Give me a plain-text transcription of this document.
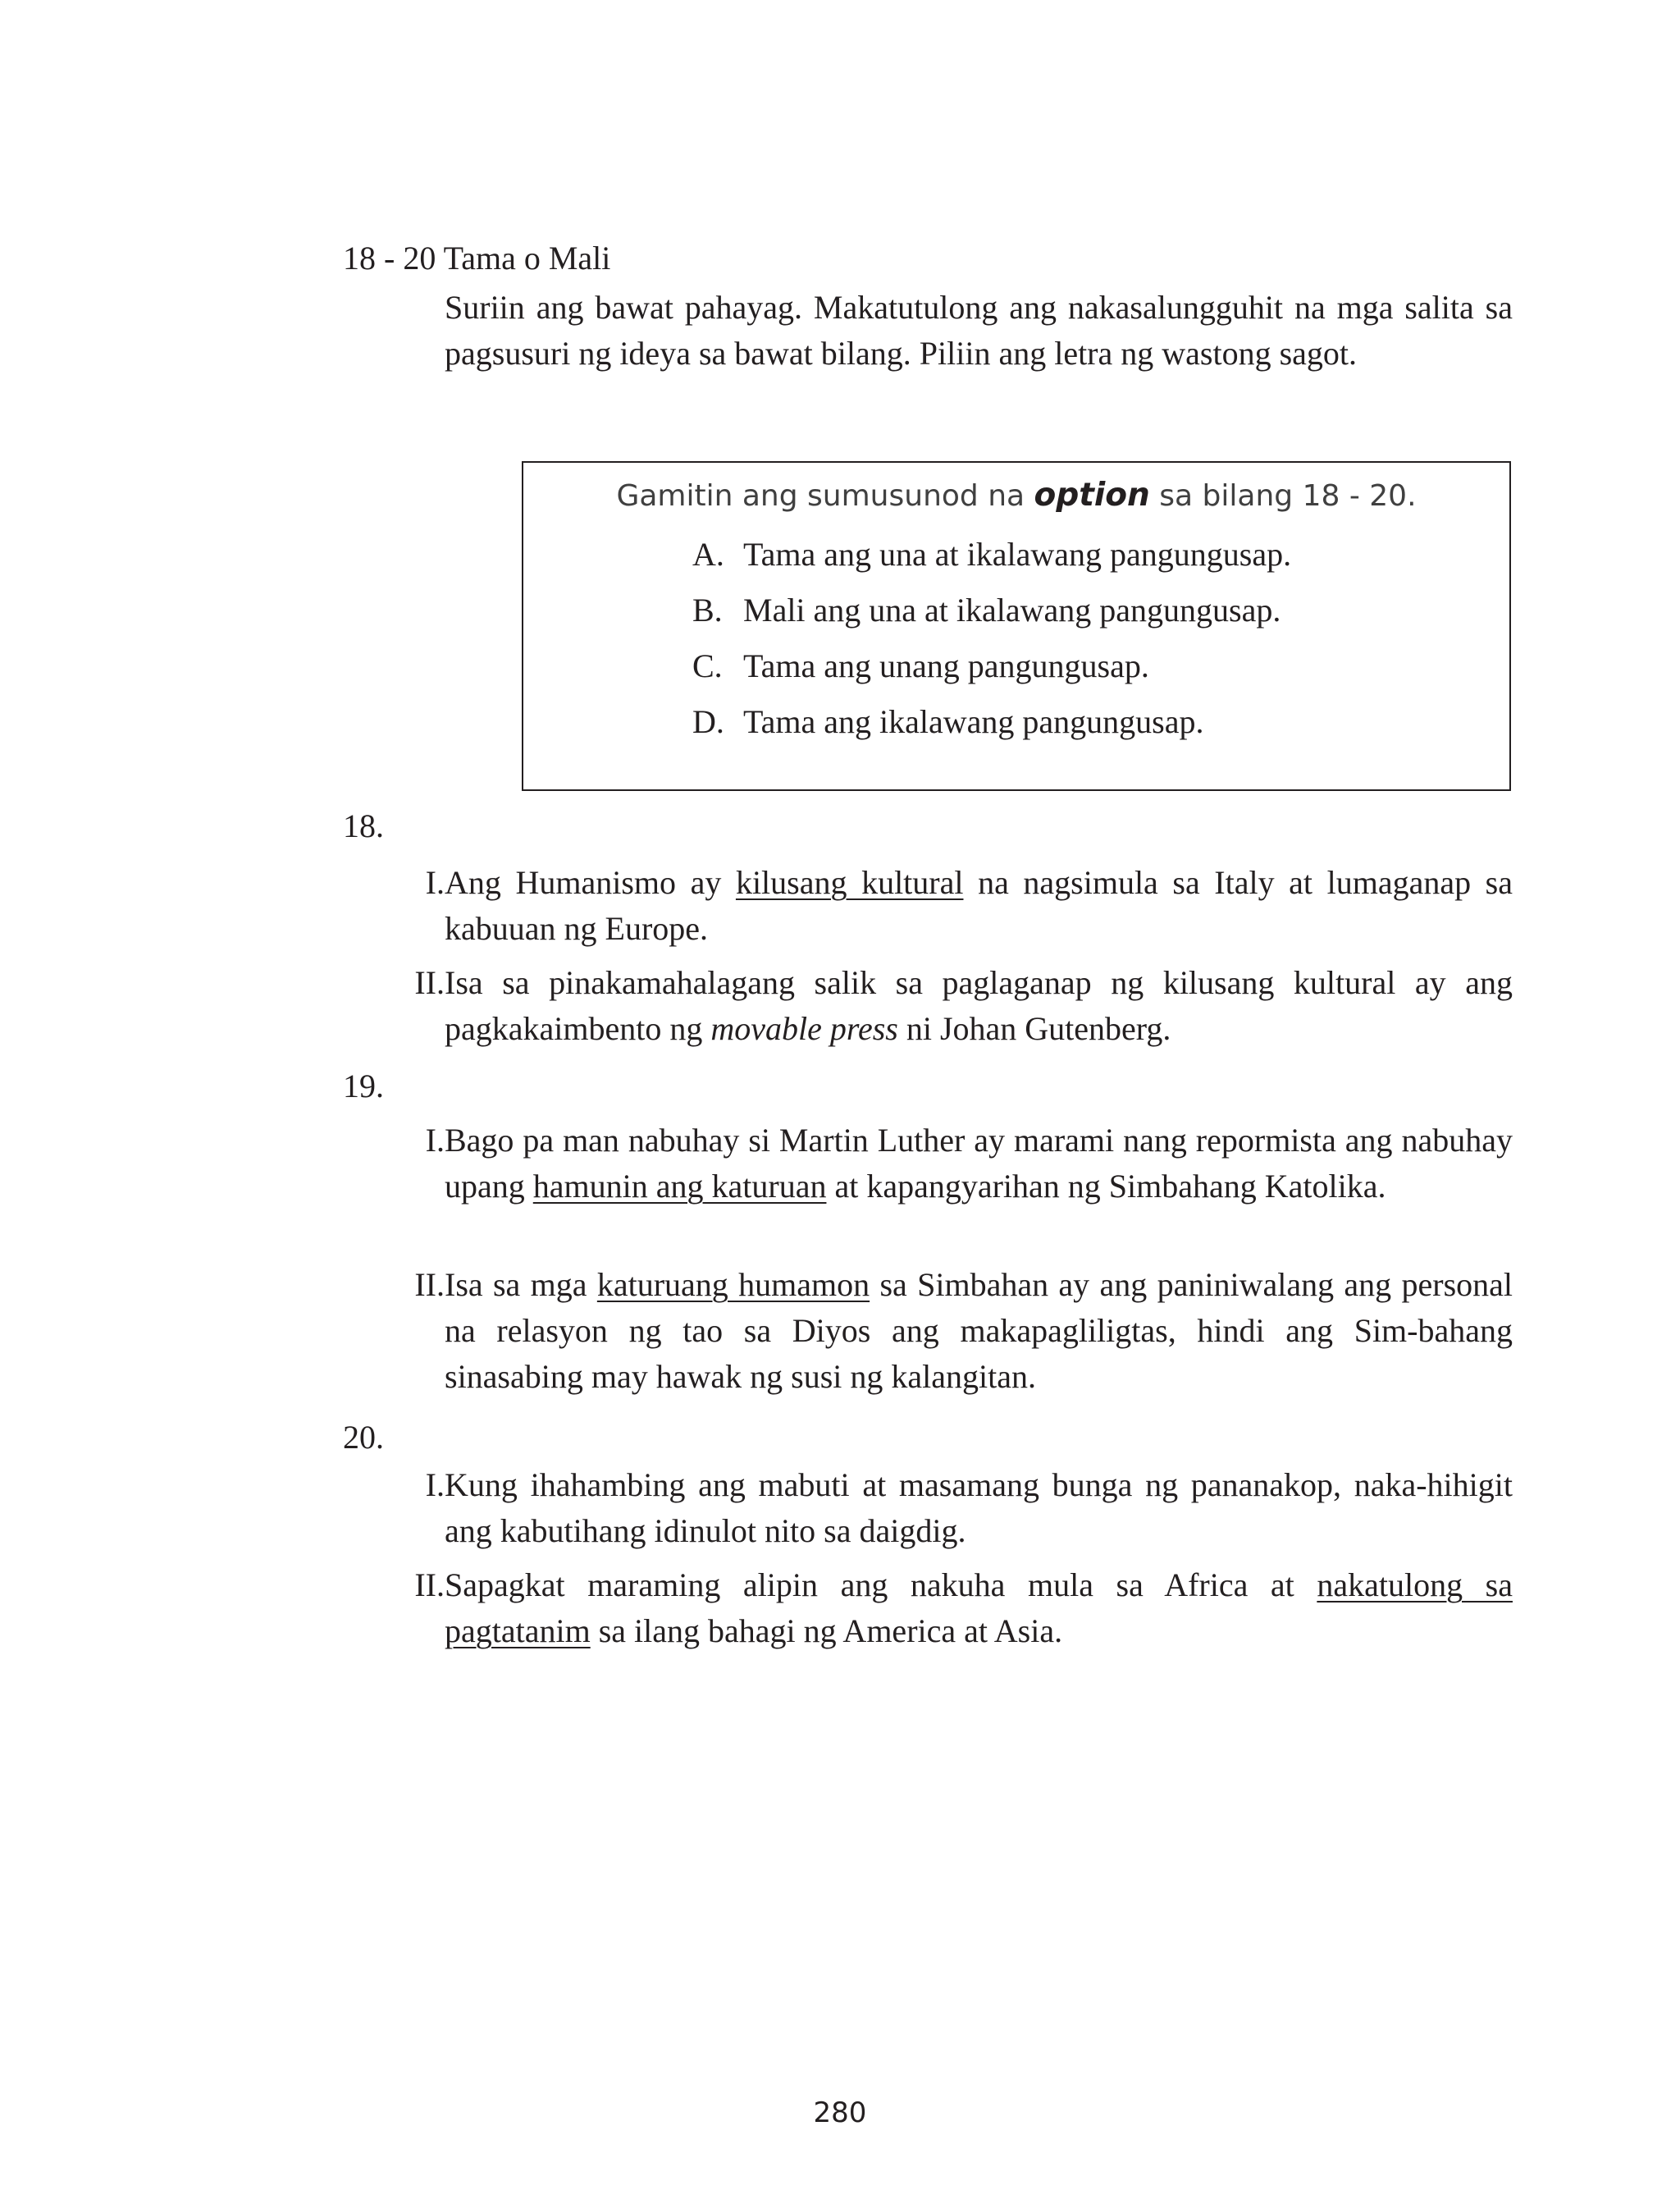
18 - 20 Tama o Mali
Suriin ang bawat pahayag. Makatutulong ang nakasalungguhit na mga salita sa pagsusuri ng ideya sa bawat bilang. Piliin ang letra ng wastong sagot.
Gamitin ang sumusunod na option sa bilang 18 - 20.
A. Tama ang una at ikalawang pangungusap.
B. Mali ang una at ikalawang pangungusap.
C. Tama ang unang pangungusap.
D. Tama ang ikalawang pangungusap.
18.
I. Ang Humanismo ay kilusang kultural na nagsimula sa Italy at lumaganap sa kabuuan ng Europe.
II. Isa sa pinakamahalagang salik sa paglaganap ng kilusang kultural ay ang pagkakaimbento ng movable press ni Johan Gutenberg.
19.
I. Bago pa man nabuhay si Martin Luther ay marami nang repormista ang nabuhay upang hamunin ang katuruan at kapangyarihan ng Simbahang Katolika.
II. Isa sa mga katuruang humamon sa Simbahan ay ang paniniwalang ang personal na relasyon ng tao sa Diyos ang makapagliligtas, hindi ang Sim-bahang sinasabing may hawak ng susi ng kalangitan.
20.
I. Kung ihahambing ang mabuti at masamang bunga ng pananakop, naka-hihigit ang kabutihang idinulot nito sa daigdig.
II. Sapagkat maraming alipin ang nakuha mula sa Africa at nakatulong sa pagtatanim sa ilang bahagi ng America at Asia.
280
